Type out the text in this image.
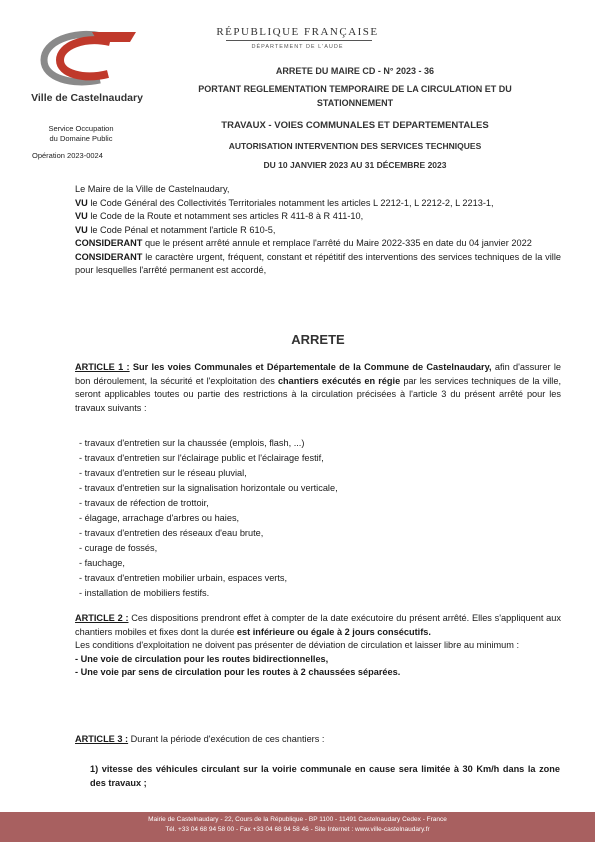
Ville de Castelnaudary
Service Occupation
du Domaine Public
Opération 2023-0024
RÉPUBLIQUE FRANÇAISE
DÉPARTEMENT DE L'AUDE
ARRETE DU MAIRE CD - N° 2023 - 36
PORTANT REGLEMENTATION TEMPORAIRE DE LA CIRCULATION ET DU
STATIONNEMENT
TRAVAUX - VOIES COMMUNALES ET DEPARTEMENTALES
AUTORISATION INTERVENTION DES SERVICES TECHNIQUES
DU 10 JANVIER 2023 AU 31 DÉCEMBRE 2023
Le Maire de la Ville de Castelnaudary,
VU le Code Général des Collectivités Territoriales notamment les articles L 2212-1, L 2212-2, L 2213-1,
VU le Code de la Route et notamment ses articles R 411-8 à R 411-10,
VU le Code Pénal et notamment l'article R 610-5,
CONSIDERANT que le présent arrêté annule et remplace l'arrêté du Maire 2022-335 en date du 04 janvier 2022
CONSIDERANT le caractère urgent, fréquent, constant et répétitif des interventions des services techniques de la ville pour lesquelles l'arrêté permanent est accordé,
ARRETE
ARTICLE 1 : Sur les voies Communales et Départementale de la Commune de Castelnaudary, afin d'assurer le bon déroulement, la sécurité et l'exploitation des chantiers exécutés en régie par les services techniques de la ville, seront applicables toutes ou partie des restrictions à la circulation précisées à l'article 3 du présent arrêté pour les travaux suivants :
- travaux d'entretien sur la chaussée (emplois, flash, ...)
- travaux d'entretien sur l'éclairage public et l'éclairage festif,
- travaux d'entretien sur le réseau pluvial,
- travaux d'entretien sur la signalisation horizontale ou verticale,
- travaux de réfection de trottoir,
- élagage, arrachage d'arbres ou haies,
- travaux d'entretien des réseaux d'eau brute,
- curage de fossés,
- fauchage,
- travaux d'entretien mobilier urbain, espaces verts,
- installation de mobiliers festifs.
ARTICLE 2 : Ces dispositions prendront effet à compter de la date exécutoire du présent arrêté. Elles s'appliquent aux chantiers mobiles et fixes dont la durée est inférieure ou égale à 2 jours consécutifs.
Les conditions d'exploitation ne doivent pas présenter de déviation de circulation et laisser libre au minimum :
- Une voie de circulation pour les routes bidirectionnelles,
- Une voie par sens de circulation pour les routes à 2 chaussées séparées.
ARTICLE 3 : Durant la période d'exécution de ces chantiers :
1) vitesse des véhicules circulant sur la voirie communale en cause sera limitée à 30 Km/h dans la zone des travaux ;
Mairie de Castelnaudary - 22, Cours de la République - BP 1100 - 11491 Castelnaudary Cedex - France
Tél. +33 04 68 94 58 00 - Fax +33 04 68 94 58 46 - Site Internet : www.ville-castelnaudary.fr
